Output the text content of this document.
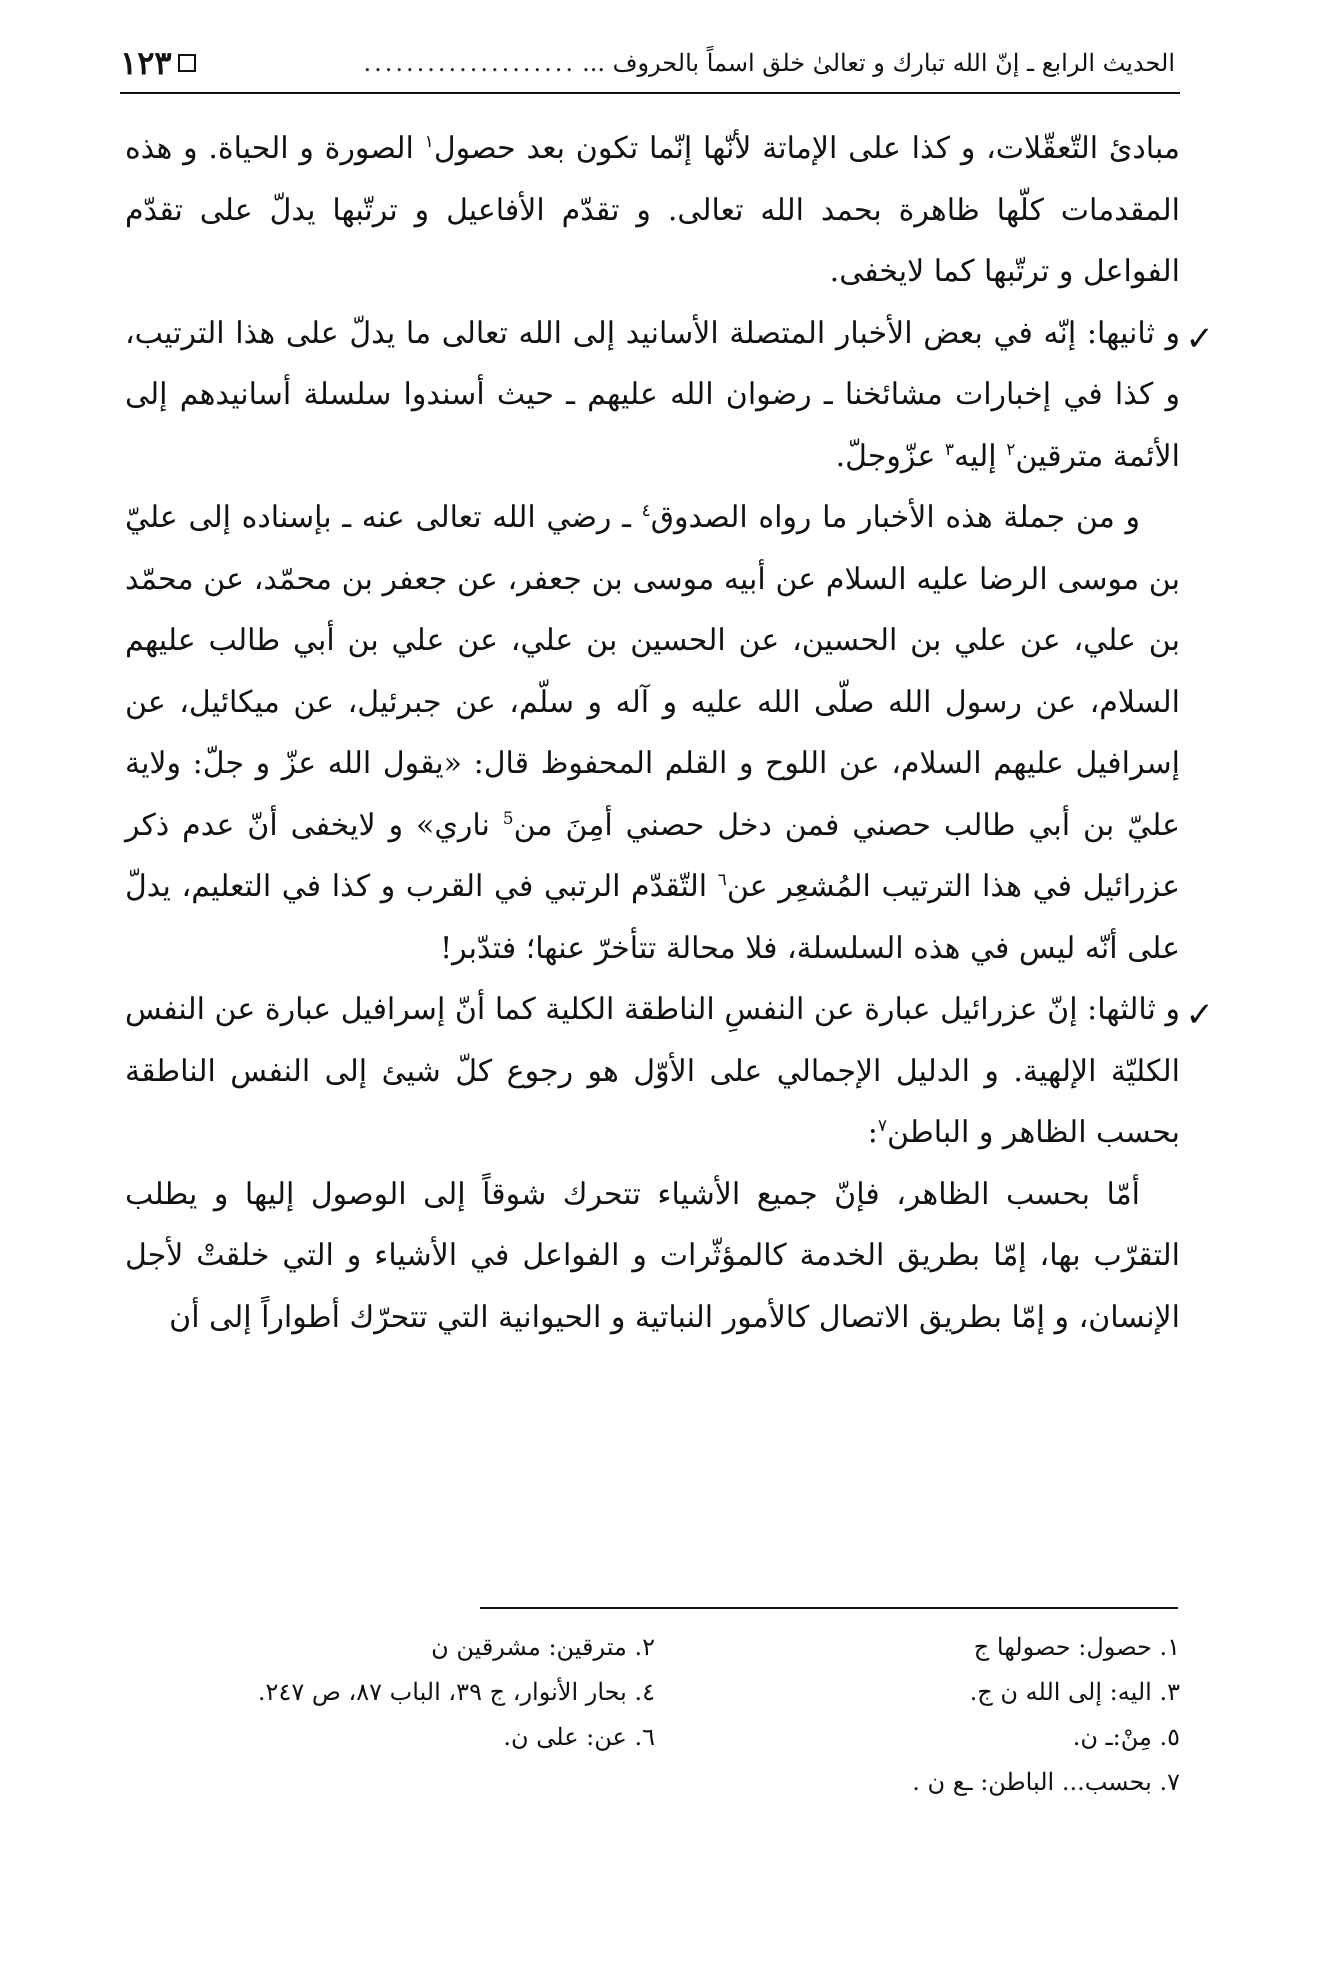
الحديث الرابع ـ إنّ الله تبارك و تعالىٰ خلق اسماً بالحروف ...
....................
١٢٣

مبادئ التّعقّلات، و كذا على الإماتة لأنّها إنّما تكون بعد حصول$^١$ الصورة و الحياة. و هذه المقدمات كلّها ظاهرة بحمد الله تعالى. و تقدّم الأفاعيل و ترتّبها يدلّ على تقدّم الفواعل و ترتّبها كما لايخفى.

✓
و ثانيها: إنّه في بعض الأخبار المتصلة الأسانيد إلى الله تعالى ما يدلّ على هذا الترتيب، و كذا في إخبارات مشائخنا ـ رضوان الله عليهم ـ حيث أسندوا سلسلة أسانيدهم إلى الأئمة مترقين$^٢$ إليه$^٣$ عزّوجلّ.

و من جملة هذه الأخبار ما رواه الصدوق$^٤$ ـ رضي الله تعالى عنه ـ بإسناده إلى عليّ بن موسى الرضا عليه السلام عن أبيه موسى بن جعفر، عن جعفر بن محمّد، عن محمّد بن علي، عن علي بن الحسين، عن الحسين بن علي، عن علي بن أبي طالب عليهم السلام، عن رسول الله صلّى الله عليه و آله و سلّم، عن جبرئيل، عن ميكائيل، عن إسرافيل عليهم السلام، عن اللوح و القلم المحفوظ قال: «يقول الله عزّ و جلّ: ولاية عليّ بن أبي طالب حصني فمن دخل حصني أمِنَ من$^5$ ناري» و لايخفى أنّ عدم ذكر عزرائيل في هذا الترتيب المُشعِر عن$^٦$ التّقدّم الرتبي في القرب و كذا في التعليم، يدلّ على أنّه ليس في هذه السلسلة، فلا محالة تتأخرّ عنها؛ فتدّبر!

✓
و ثالثها: إنّ عزرائيل عبارة عن النفسِ الناطقة الكلية كما أنّ إسرافيل عبارة عن النفس الكليّة الإلهية. و الدليل الإجمالي على الأوّل هو رجوع كلّ شيئ إلى النفس الناطقة بحسب الظاهر و الباطن$^٧$:

أمّا بحسب الظاهر، فإنّ جميع الأشياء تتحرك شوقاً إلى الوصول إليها و يطلب التقرّب بها، إمّا بطريق الخدمة كالمؤثّرات و الفواعل في الأشياء و التي خلقتْ لأجل الإنسان، و إمّا بطريق الاتصال كالأمور النباتية و الحيوانية التي تتحرّك أطواراً إلى أن

١. حصول: حصولها ج
٢. مترقين: مشرقين ن
٣. اليه: إلى الله ن ج.
٤. بحار الأنوار، ج ٣٩، الباب ٨٧، ص ٢٤٧.
٥. مِنْ:ـ ن.
٦. عن: على ن.
٧. بحسب... الباطن: ـع ن .
